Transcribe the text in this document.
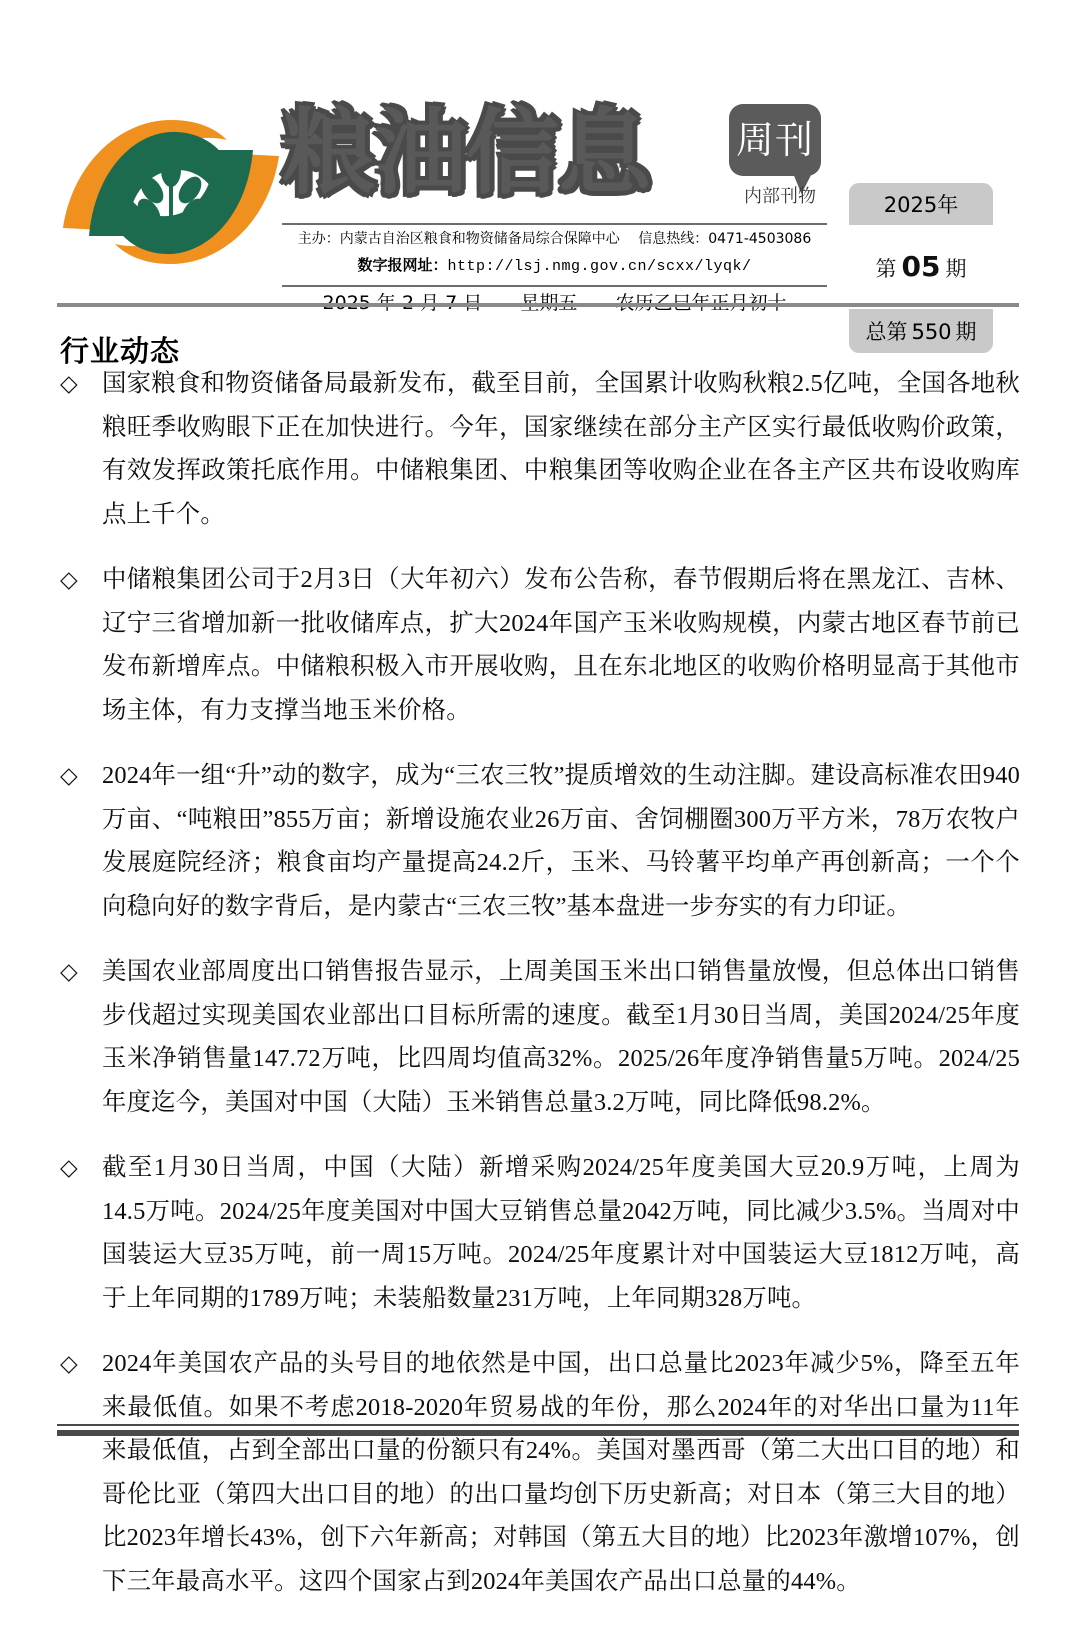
粮油信息	周刊
内部刊物
主办：内蒙古自治区粮食和物资储备局综合保障中心 信息热线：0471-4503086
数字报网址：http://lsj.nmg.gov.cn/scxx/lyqk/

2025年
第 05 期
总第 550 期
行业动态
◇ 国家粮食和物资储备局最新发布，截至目前，全国累计收购秋粮2.5亿吨，全国各地秋粮旺季收购眼下正在加快进行。今年，国家继续在部分主产区实行最低收购价政策，有效发挥政策托底作用。中储粮集团、中粮集团等收购企业在各主产区共布设收购库点上千个。
◇ 中储粮集团公司于2月3日（大年初六）发布公告称，春节假期后将在黑龙江、吉林、辽宁三省增加新一批收储库点，扩大2024年国产玉米收购规模，内蒙古地区春节前已发布新增库点。中储粮积极入市开展收购，且在东北地区的收购价格明显高于其他市场主体，有力支撑当地玉米价格。
◇ 2024年一组“升”动的数字，成为“三农三牧”提质增效的生动注脚。建设高标准农田940万亩、“吨粮田”855万亩；新增设施农业26万亩、舍饲棚圈300万平方米，78万农牧户发展庭院经济；粮食亩均产量提高24.2斤，玉米、马铃薯平均单产再创新高；一个个向稳向好的数字背后，是内蒙古“三农三牧”基本盘进一步夯实的有力印证。
◇ 美国农业部周度出口销售报告显示，上周美国玉米出口销售量放慢，但总体出口销售步伐超过实现美国农业部出口目标所需的速度。截至1月30日当周，美国2024/25年度玉米净销售量147.72万吨，比四周均值高32%。2025/26年度净销售量5万吨。2024/25年度迄今，美国对中国（大陆）玉米销售总量3.2万吨，同比降低98.2%。
◇ 截至1月30日当周，中国（大陆）新增采购2024/25年度美国大豆20.9万吨，上周为14.5万吨。2024/25年度美国对中国大豆销售总量2042万吨，同比减少3.5%。当周对中国装运大豆35万吨，前一周15万吨。2024/25年度累计对中国装运大豆1812万吨，高于上年同期的1789万吨；未装船数量231万吨，上年同期328万吨。
◇ 2024年美国农产品的头号目的地依然是中国，出口总量比2023年减少5%，降至五年来最低值。如果不考虑2018-2020年贸易战的年份，那么2024年的对华出口量为11年来最低值，占到全部出口量的份额只有24%。美国对墨西哥（第二大出口目的地）和哥伦比亚（第四大出口目的地）的出口量均创下历史新高；对日本（第三大目的地）比2023年增长43%，创下六年新高；对韩国（第五大目的地）比2023年激增107%，创下三年最高水平。这四个国家占到2024年美国农产品出口总量的44%。
